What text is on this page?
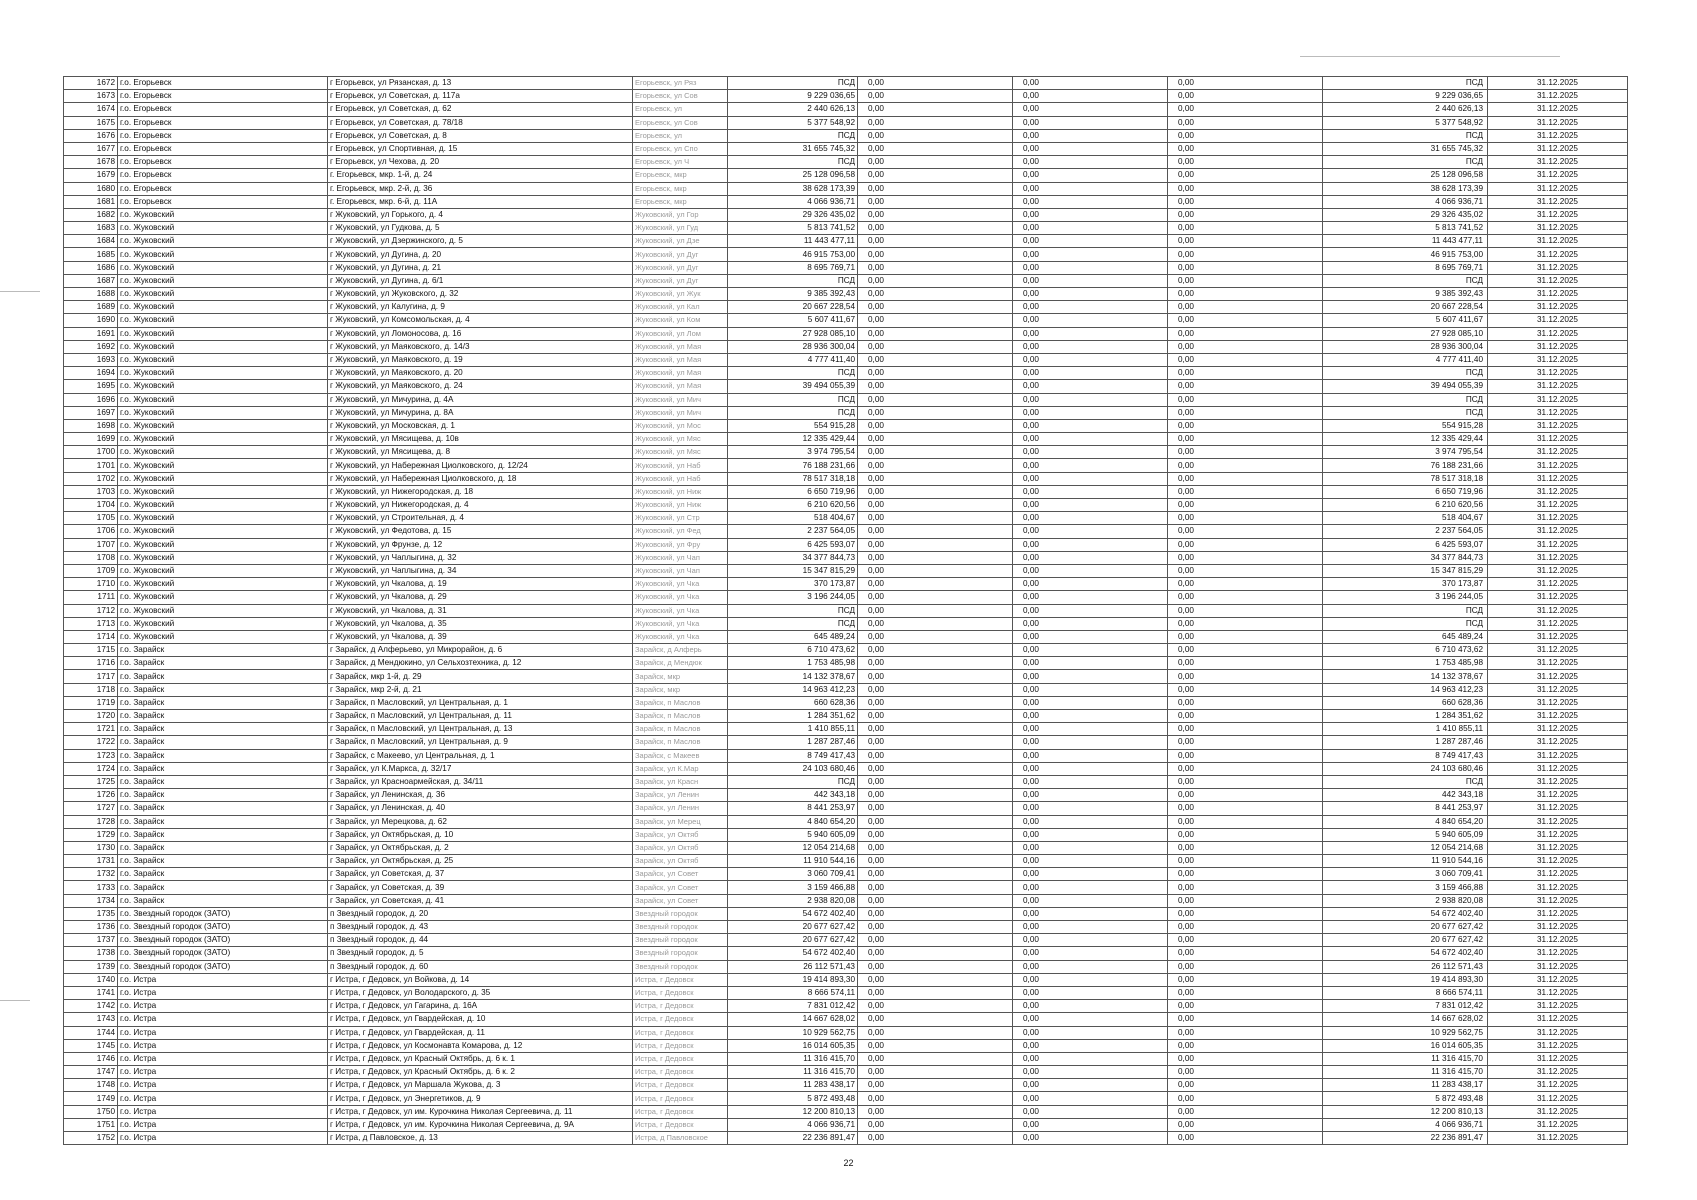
1672	г.о. Егорьевск	г Егорьевск, ул Рязанская, д. 13	Егорьевск, ул Ряз	ПСД	0,00	0,00	0,00	ПСД	31.12.2025
1673	г.о. Егорьевск	г Егорьевск, ул Советская, д. 117а	Егорьевск, ул Сов	9 229 036,65	0,00	0,00	0,00	9 229 036,65	31.12.2025
1674	г.о. Егорьевск	г Егорьевск, ул Советская, д. 62	Егорьевск, ул	2 440 626,13	0,00	0,00	0,00	2 440 626,13	31.12.2025
1675	г.о. Егорьевск	г Егорьевск, ул Советская, д. 78/18	Егорьевск, ул Сов	5 377 548,92	0,00	0,00	0,00	5 377 548,92	31.12.2025
1676	г.о. Егорьевск	г Егорьевск, ул Советская, д. 8	Егорьевск, ул	ПСД	0,00	0,00	0,00	ПСД	31.12.2025
1677	г.о. Егорьевск	г Егорьевск, ул Спортивная, д. 15	Егорьевск, ул Спо	31 655 745,32	0,00	0,00	0,00	31 655 745,32	31.12.2025
1678	г.о. Егорьевск	г Егорьевск, ул Чехова, д. 20	Егорьевск, ул Ч	ПСД	0,00	0,00	0,00	ПСД	31.12.2025
1679	г.о. Егорьевск	г. Егорьевск, мкр. 1-й, д. 24	Егорьевск, мкр	25 128 096,58	0,00	0,00	0,00	25 128 096,58	31.12.2025
1680	г.о. Егорьевск	г. Егорьевск, мкр. 2-й, д. 36	Егорьевск, мкр	38 628 173,39	0,00	0,00	0,00	38 628 173,39	31.12.2025
1681	г.о. Егорьевск	г. Егорьевск, мкр. 6-й, д. 11А	Егорьевск, мкр	4 066 936,71	0,00	0,00	0,00	4 066 936,71	31.12.2025
1682	г.о. Жуковский	г Жуковский, ул Горького, д. 4	Жуковский, ул Гор	29 326 435,02	0,00	0,00	0,00	29 326 435,02	31.12.2025
1683	г.о. Жуковский	г Жуковский, ул Гудкова, д. 5	Жуковский, ул Гуд	5 813 741,52	0,00	0,00	0,00	5 813 741,52	31.12.2025
1684	г.о. Жуковский	г Жуковский, ул Дзержинского, д. 5	Жуковский, ул Дзе	11 443 477,11	0,00	0,00	0,00	11 443 477,11	31.12.2025
1685	г.о. Жуковский	г Жуковский, ул Дугина, д. 20	Жуковский, ул Дуг	46 915 753,00	0,00	0,00	0,00	46 915 753,00	31.12.2025
1686	г.о. Жуковский	г Жуковский, ул Дугина, д. 21	Жуковский, ул Дуг	8 695 769,71	0,00	0,00	0,00	8 695 769,71	31.12.2025
1687	г.о. Жуковский	г Жуковский, ул Дугина, д. 6/1	Жуковский, ул Дуг	ПСД	0,00	0,00	0,00	ПСД	31.12.2025
1688	г.о. Жуковский	г Жуковский, ул Жуковского, д. 32	Жуковский, ул Жук	9 385 392,43	0,00	0,00	0,00	9 385 392,43	31.12.2025
1689	г.о. Жуковский	г Жуковский, ул Калугина, д. 9	Жуковский, ул Кал	20 667 228,54	0,00	0,00	0,00	20 667 228,54	31.12.2025
1690	г.о. Жуковский	г Жуковский, ул Комсомольская, д. 4	Жуковский, ул Ком	5 607 411,67	0,00	0,00	0,00	5 607 411,67	31.12.2025
1691	г.о. Жуковский	г Жуковский, ул Ломоносова, д. 16	Жуковский, ул Лом	27 928 085,10	0,00	0,00	0,00	27 928 085,10	31.12.2025
1692	г.о. Жуковский	г Жуковский, ул Маяковского, д. 14/3	Жуковский, ул Мая	28 936 300,04	0,00	0,00	0,00	28 936 300,04	31.12.2025
1693	г.о. Жуковский	г Жуковский, ул Маяковского, д. 19	Жуковский, ул Мая	4 777 411,40	0,00	0,00	0,00	4 777 411,40	31.12.2025
1694	г.о. Жуковский	г Жуковский, ул Маяковского, д. 20	Жуковский, ул Мая	ПСД	0,00	0,00	0,00	ПСД	31.12.2025
1695	г.о. Жуковский	г Жуковский, ул Маяковского, д. 24	Жуковский, ул Мая	39 494 055,39	0,00	0,00	0,00	39 494 055,39	31.12.2025
1696	г.о. Жуковский	г Жуковский, ул Мичурина, д. 4А	Жуковский, ул Мич	ПСД	0,00	0,00	0,00	ПСД	31.12.2025
1697	г.о. Жуковский	г Жуковский, ул Мичурина, д. 8А	Жуковский, ул Мич	ПСД	0,00	0,00	0,00	ПСД	31.12.2025
1698	г.о. Жуковский	г Жуковский, ул Московская, д. 1	Жуковский, ул Мос	554 915,28	0,00	0,00	0,00	554 915,28	31.12.2025
1699	г.о. Жуковский	г Жуковский, ул Мясищева, д. 10в	Жуковский, ул Мяс	12 335 429,44	0,00	0,00	0,00	12 335 429,44	31.12.2025
1700	г.о. Жуковский	г Жуковский, ул Мясищева, д. 8	Жуковский, ул Мяс	3 974 795,54	0,00	0,00	0,00	3 974 795,54	31.12.2025
1701	г.о. Жуковский	г Жуковский, ул Набережная Циолковского, д. 12/24	Жуковский, ул Наб	76 188 231,66	0,00	0,00	0,00	76 188 231,66	31.12.2025
1702	г.о. Жуковский	г Жуковский, ул Набережная Циолковского, д. 18	Жуковский, ул Наб	78 517 318,18	0,00	0,00	0,00	78 517 318,18	31.12.2025
1703	г.о. Жуковский	г Жуковский, ул Нижегородская, д. 18	Жуковский, ул Ниж	6 650 719,96	0,00	0,00	0,00	6 650 719,96	31.12.2025
1704	г.о. Жуковский	г Жуковский, ул Нижегородская, д. 4	Жуковский, ул Ниж	6 210 620,56	0,00	0,00	0,00	6 210 620,56	31.12.2025
1705	г.о. Жуковский	г Жуковский, ул Строительная, д. 4	Жуковский, ул Стр	518 404,67	0,00	0,00	0,00	518 404,67	31.12.2025
1706	г.о. Жуковский	г Жуковский, ул Федотова, д. 15	Жуковский, ул Фед	2 237 564,05	0,00	0,00	0,00	2 237 564,05	31.12.2025
1707	г.о. Жуковский	г Жуковский, ул Фрунзе, д. 12	Жуковский, ул Фру	6 425 593,07	0,00	0,00	0,00	6 425 593,07	31.12.2025
1708	г.о. Жуковский	г Жуковский, ул Чаплыгина, д. 32	Жуковский, ул Чап	34 377 844,73	0,00	0,00	0,00	34 377 844,73	31.12.2025
1709	г.о. Жуковский	г Жуковский, ул Чаплыгина, д. 34	Жуковский, ул Чап	15 347 815,29	0,00	0,00	0,00	15 347 815,29	31.12.2025
1710	г.о. Жуковский	г Жуковский, ул Чкалова, д. 19	Жуковский, ул Чка	370 173,87	0,00	0,00	0,00	370 173,87	31.12.2025
1711	г.о. Жуковский	г Жуковский, ул Чкалова, д. 29	Жуковский, ул Чка	3 196 244,05	0,00	0,00	0,00	3 196 244,05	31.12.2025
1712	г.о. Жуковский	г Жуковский, ул Чкалова, д. 31	Жуковский, ул Чка	ПСД	0,00	0,00	0,00	ПСД	31.12.2025
1713	г.о. Жуковский	г Жуковский, ул Чкалова, д. 35	Жуковский, ул Чка	ПСД	0,00	0,00	0,00	ПСД	31.12.2025
1714	г.о. Жуковский	г Жуковский, ул Чкалова, д. 39	Жуковский, ул Чка	645 489,24	0,00	0,00	0,00	645 489,24	31.12.2025
1715	г.о. Зарайск	г Зарайск, д Алферьево, ул Микрорайон, д. 6	Зарайск, д Алферь	6 710 473,62	0,00	0,00	0,00	6 710 473,62	31.12.2025
1716	г.о. Зарайск	г Зарайск, д Мендюкино, ул Сельхозтехника, д. 12	Зарайск, д Мендюк	1 753 485,98	0,00	0,00	0,00	1 753 485,98	31.12.2025
1717	г.о. Зарайск	г Зарайск, мкр 1-й, д. 29	Зарайск, мкр	14 132 378,67	0,00	0,00	0,00	14 132 378,67	31.12.2025
1718	г.о. Зарайск	г Зарайск, мкр 2-й, д. 21	Зарайск, мкр	14 963 412,23	0,00	0,00	0,00	14 963 412,23	31.12.2025
1719	г.о. Зарайск	г Зарайск, п Масловский, ул Центральная, д. 1	Зарайск, п Маслов	660 628,36	0,00	0,00	0,00	660 628,36	31.12.2025
1720	г.о. Зарайск	г Зарайск, п Масловский, ул Центральная, д. 11	Зарайск, п Маслов	1 284 351,62	0,00	0,00	0,00	1 284 351,62	31.12.2025
1721	г.о. Зарайск	г Зарайск, п Масловский, ул Центральная, д. 13	Зарайск, п Маслов	1 410 855,11	0,00	0,00	0,00	1 410 855,11	31.12.2025
1722	г.о. Зарайск	г Зарайск, п Масловский, ул Центральная, д. 9	Зарайск, п Маслов	1 287 287,46	0,00	0,00	0,00	1 287 287,46	31.12.2025
1723	г.о. Зарайск	г Зарайск, с Макеево, ул Центральная, д. 1	Зарайск, с Макеев	8 749 417,43	0,00	0,00	0,00	8 749 417,43	31.12.2025
1724	г.о. Зарайск	г Зарайск, ул К.Маркса, д. 32/17	Зарайск, ул К.Мар	24 103 680,46	0,00	0,00	0,00	24 103 680,46	31.12.2025
1725	г.о. Зарайск	г Зарайск, ул Красноармейская, д. 34/11	Зарайск, ул Красн	ПСД	0,00	0,00	0,00	ПСД	31.12.2025
1726	г.о. Зарайск	г Зарайск, ул Ленинская, д. 36	Зарайск, ул Ленин	442 343,18	0,00	0,00	0,00	442 343,18	31.12.2025
1727	г.о. Зарайск	г Зарайск, ул Ленинская, д. 40	Зарайск, ул Ленин	8 441 253,97	0,00	0,00	0,00	8 441 253,97	31.12.2025
1728	г.о. Зарайск	г Зарайск, ул Мерецкова, д. 62	Зарайск, ул Мерец	4 840 654,20	0,00	0,00	0,00	4 840 654,20	31.12.2025
1729	г.о. Зарайск	г Зарайск, ул Октябрьская, д. 10	Зарайск, ул Октяб	5 940 605,09	0,00	0,00	0,00	5 940 605,09	31.12.2025
1730	г.о. Зарайск	г Зарайск, ул Октябрьская, д. 2	Зарайск, ул Октяб	12 054 214,68	0,00	0,00	0,00	12 054 214,68	31.12.2025
1731	г.о. Зарайск	г Зарайск, ул Октябрьская, д. 25	Зарайск, ул Октяб	11 910 544,16	0,00	0,00	0,00	11 910 544,16	31.12.2025
1732	г.о. Зарайск	г Зарайск, ул Советская, д. 37	Зарайск, ул Совет	3 060 709,41	0,00	0,00	0,00	3 060 709,41	31.12.2025
1733	г.о. Зарайск	г Зарайск, ул Советская, д. 39	Зарайск, ул Совет	3 159 466,88	0,00	0,00	0,00	3 159 466,88	31.12.2025
1734	г.о. Зарайск	г Зарайск, ул Советская, д. 41	Зарайск, ул Совет	2 938 820,08	0,00	0,00	0,00	2 938 820,08	31.12.2025
1735	г.о. Звездный городок (ЗАТО)	п Звездный городок, д. 20	Звездный городок	54 672 402,40	0,00	0,00	0,00	54 672 402,40	31.12.2025
1736	г.о. Звездный городок (ЗАТО)	п Звездный городок, д. 43	Звездный городок	20 677 627,42	0,00	0,00	0,00	20 677 627,42	31.12.2025
1737	г.о. Звездный городок (ЗАТО)	п Звездный городок, д. 44	Звездный городок	20 677 627,42	0,00	0,00	0,00	20 677 627,42	31.12.2025
1738	г.о. Звездный городок (ЗАТО)	п Звездный городок, д. 5	Звездный городок	54 672 402,40	0,00	0,00	0,00	54 672 402,40	31.12.2025
1739	г.о. Звездный городок (ЗАТО)	п Звездный городок, д. 60	Звездный городок	26 112 571,43	0,00	0,00	0,00	26 112 571,43	31.12.2025
1740	г.о. Истра	г Истра, г Дедовск, ул Войкова, д. 14	Истра, г Дедовск	19 414 893,30	0,00	0,00	0,00	19 414 893,30	31.12.2025
1741	г.о. Истра	г Истра, г Дедовск, ул Володарского, д. 35	Истра, г Дедовск	8 666 574,11	0,00	0,00	0,00	8 666 574,11	31.12.2025
1742	г.о. Истра	г Истра, г Дедовск, ул Гагарина, д. 16А	Истра, г Дедовск	7 831 012,42	0,00	0,00	0,00	7 831 012,42	31.12.2025
1743	г.о. Истра	г Истра, г Дедовск, ул Гвардейская, д. 10	Истра, г Дедовск	14 667 628,02	0,00	0,00	0,00	14 667 628,02	31.12.2025
1744	г.о. Истра	г Истра, г Дедовск, ул Гвардейская, д. 11	Истра, г Дедовск	10 929 562,75	0,00	0,00	0,00	10 929 562,75	31.12.2025
1745	г.о. Истра	г Истра, г Дедовск, ул Космонавта Комарова, д. 12	Истра, г Дедовск	16 014 605,35	0,00	0,00	0,00	16 014 605,35	31.12.2025
1746	г.о. Истра	г Истра, г Дедовск, ул Красный Октябрь, д. 6 к. 1	Истра, г Дедовск	11 316 415,70	0,00	0,00	0,00	11 316 415,70	31.12.2025
1747	г.о. Истра	г Истра, г Дедовск, ул Красный Октябрь, д. 6 к. 2	Истра, г Дедовск	11 316 415,70	0,00	0,00	0,00	11 316 415,70	31.12.2025
1748	г.о. Истра	г Истра, г Дедовск, ул Маршала Жукова, д. 3	Истра, г Дедовск	11 283 438,17	0,00	0,00	0,00	11 283 438,17	31.12.2025
1749	г.о. Истра	г Истра, г Дедовск, ул Энергетиков, д. 9	Истра, г Дедовск	5 872 493,48	0,00	0,00	0,00	5 872 493,48	31.12.2025
1750	г.о. Истра	г Истра, г Дедовск, ул им. Курочкина Николая Сергеевича, д. 11	Истра, г Дедовск	12 200 810,13	0,00	0,00	0,00	12 200 810,13	31.12.2025
1751	г.о. Истра	г Истра, г Дедовск, ул им. Курочкина Николая Сергеевича, д. 9А	Истра, г Дедовск	4 066 936,71	0,00	0,00	0,00	4 066 936,71	31.12.2025
1752	г.о. Истра	г Истра, д Павловское, д. 13	Истра, д Павловское	22 236 891,47	0,00	0,00	0,00	22 236 891,47	31.12.2025
22
